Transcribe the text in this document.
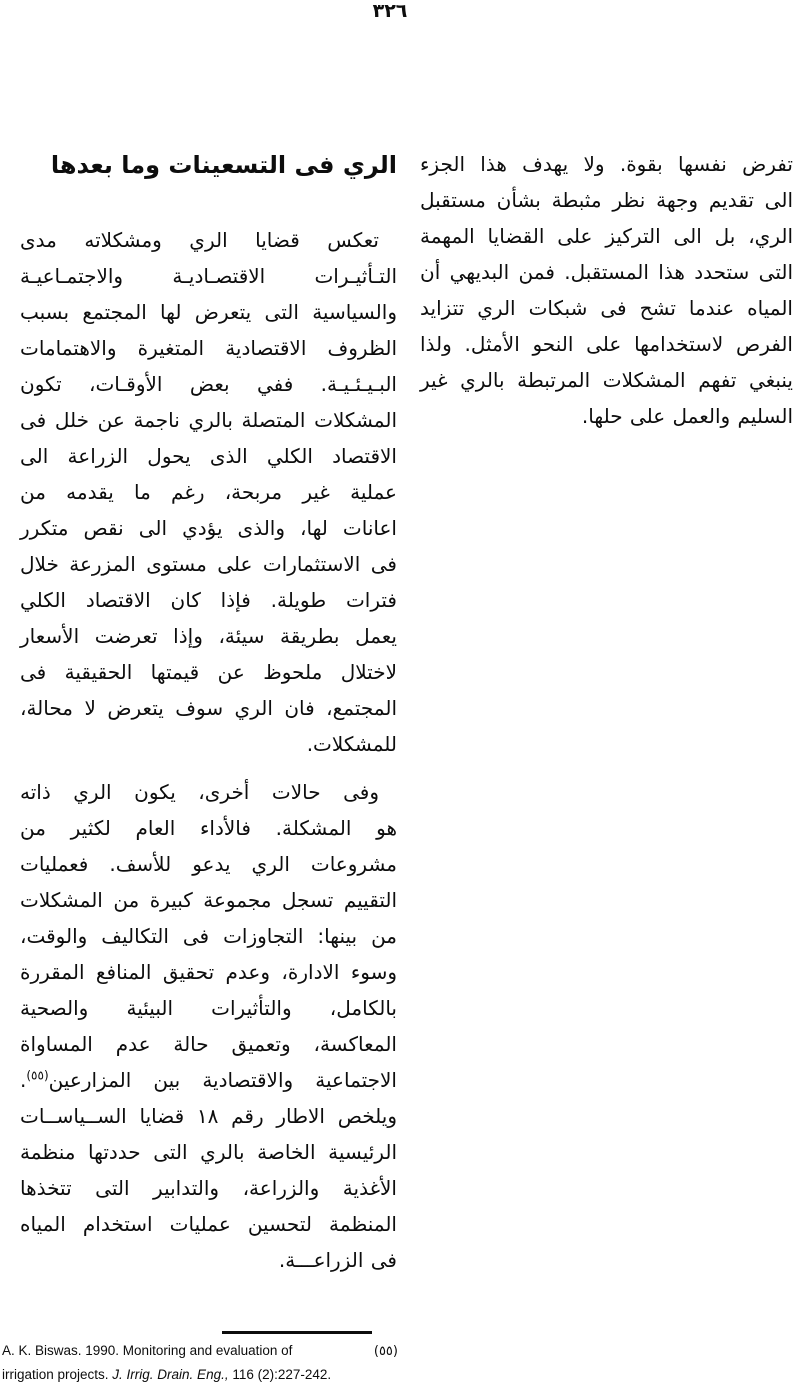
٣٢٦
تفرض نفسها بقوة. ولا يهدف هذا الجزء
الى تقديم وجهة نظر مثبطة بشأن مستقبل
الري، بل الى التركيز على القضايا المهمة
التى ستحدد هذا المستقبل. فمن البديهي أن
المياه عندما تشح فى شبكات الري تتزايد
الفرص لاستخدامها على النحو الأمثل. ولذا
ينبغي تفهم المشكلات المرتبطة بالري غير
السليم والعمل على حلها.
الري فى التسعينات وما بعدها
تعكس قضايا الري ومشكلاته مدى
التـأثيـرات الاقتصـاديـة والاجتمـاعيـة
والسياسية التى يتعرض لها المجتمع بسبب
الظروف الاقتصادية المتغيرة والاهتمامات
البـيـئـيـة. ففي بعض الأوقـات، تكون
المشكلات المتصلة بالري ناجمة عن خلل فى
الاقتصاد الكلي الذى يحول الزراعة الى
عملية غير مربحة، رغم ما يقدمه من
اعانات لها، والذى يؤدي الى نقص متكرر
فى الاستثمارات على مستوى المزرعة خلال
فترات طويلة. فإذا كان الاقتصاد الكلي
يعمل بطريقة سيئة، وإذا تعرضت الأسعار
لاختلال ملحوظ عن قيمتها الحقيقية فى
المجتمع، فان الري سوف يتعرض لا محالة،
للمشكلات.
وفى حالات أخرى، يكون الري ذاته
هو المشكلة. فالأداء العام لكثير من
مشروعات الري يدعو للأسف. فعمليات
التقييم تسجل مجموعة كبيرة من المشكلات
من بينها: التجاوزات فى التكاليف والوقت،
وسوء الادارة، وعدم تحقيق المنافع المقررة
بالكامل، والتأثيرات البيئية والصحية
المعاكسة، وتعميق حالة عدم المساواة
الاجتماعية والاقتصادية بين المزارعين$^{(٥٥)}$.
ويلخص الاطار رقم ١٨ قضايا الســياســات
الرئيسية الخاصة بالري التى حددتها منظمة
الأغذية والزراعة، والتدابير التى تتخذها
المنظمة لتحسين عمليات استخدام المياه
فى الزراعـــة.
A. K. Biswas. 1990. Monitoring and evaluation of	(٥٥)
irrigation projects. J. Irrig. Drain. Eng., 116 (2):227-242.
